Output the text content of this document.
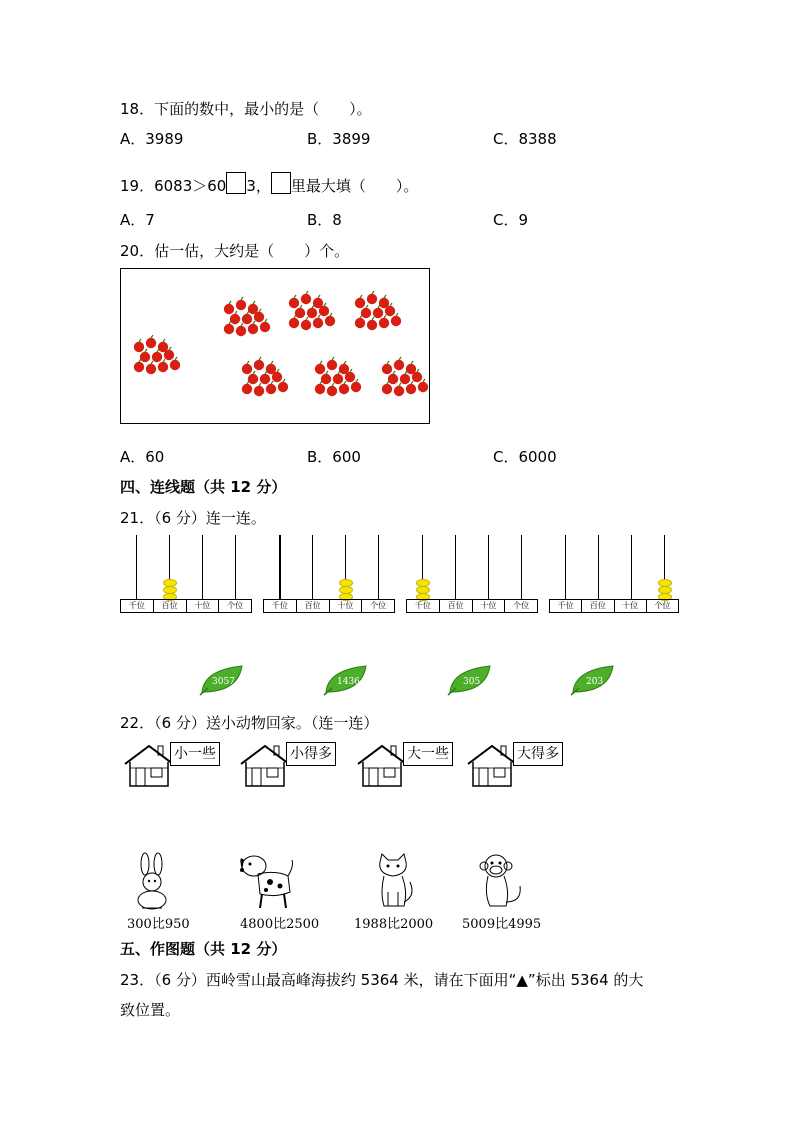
18．下面的数中，最小的是（　　）。
A．3989	B．3899	C．8388
19．6083＞60 3， 里最大填（　　）。
A．7	B．8	C．9
20．估一估，大约是（　　）个。
A．60	B．600	C．6000
四、连线题（共 12 分）
21．（6 分）连一连。
千位	百位	十位	个位	千位	百位	十位	个位	千位	百位	十位	个位	千位	百位	十位	个位
3057	1436	305	203
22．（6 分）送小动物回家。（连一连）
小一些	小得多	大一些	大得多
300比950	4800比2500	1988比2000 5009比4995
五、作图题（共 12 分）
23．（6 分）西岭雪山最高峰海拔约 5364 米，请在下面用“▲”标出 5364 的大
致位置。
